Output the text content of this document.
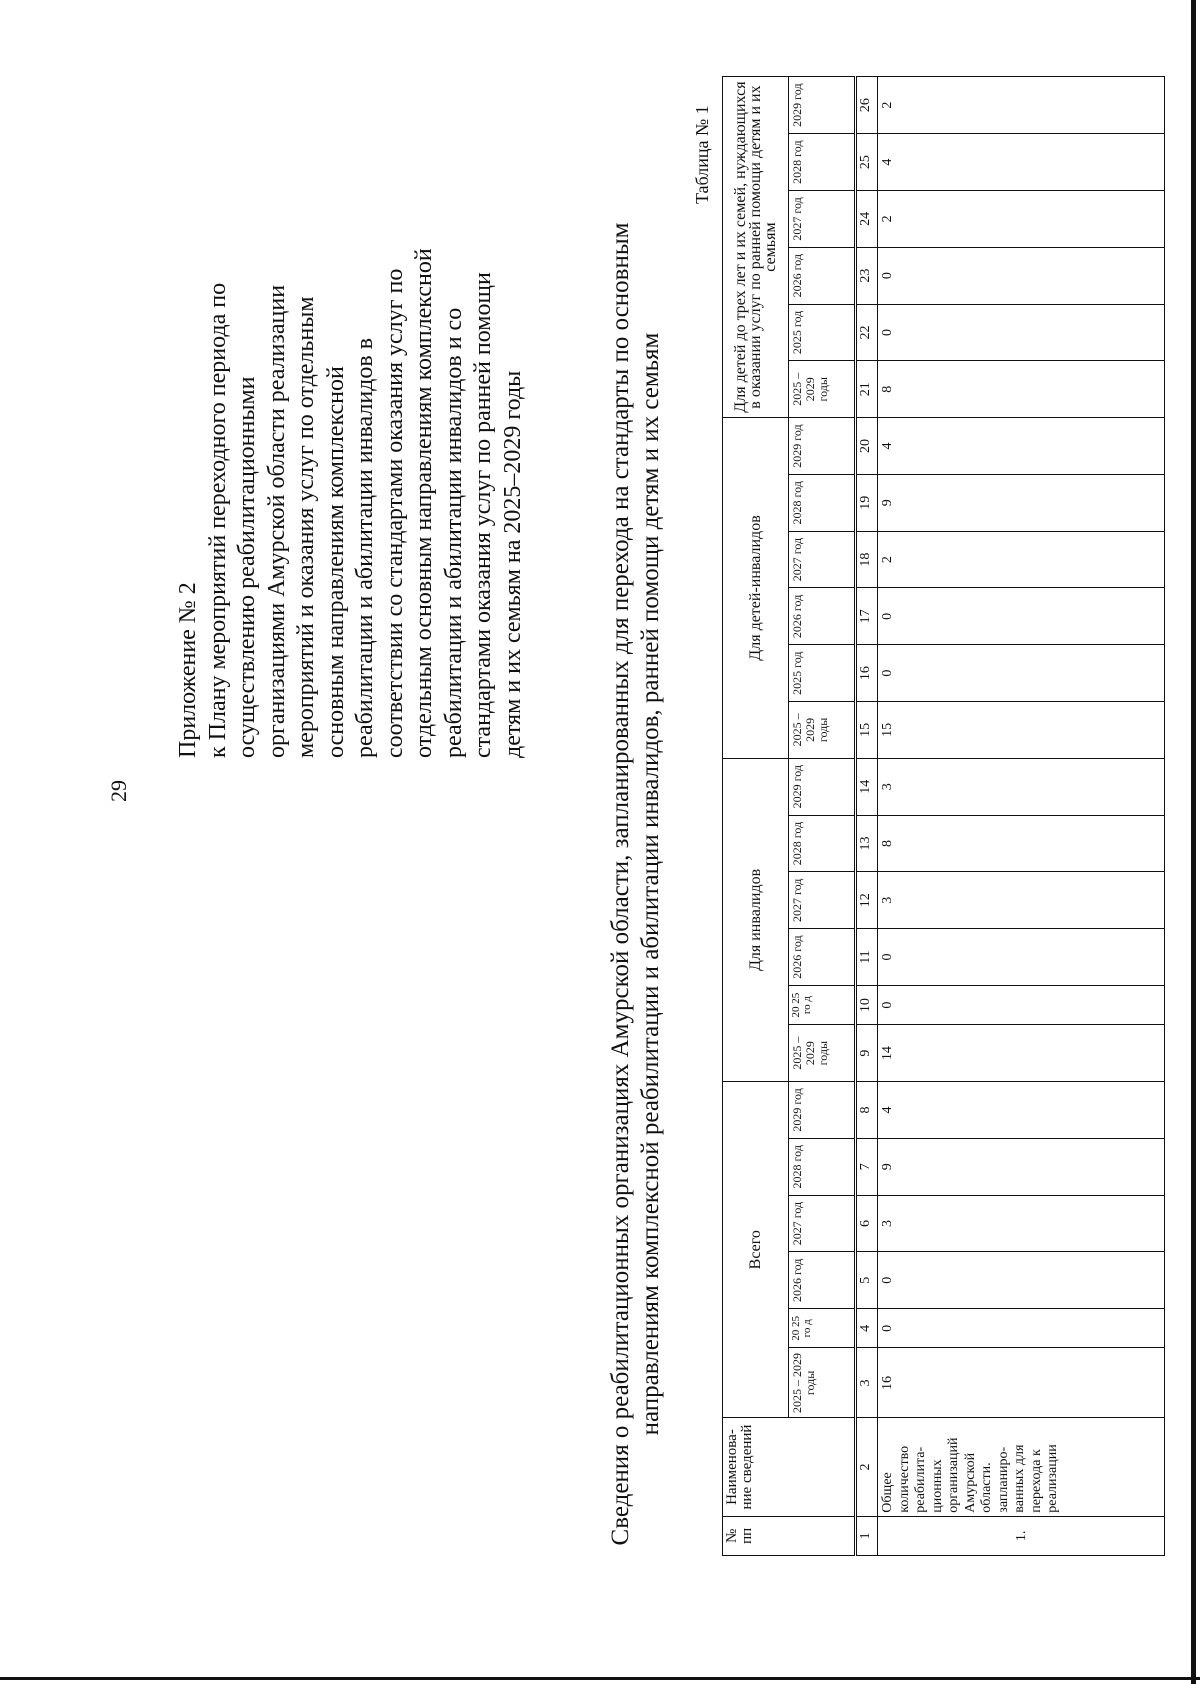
29
Приложение № 2 к Плану мероприятий переходного периода по осуществлению реабилитационными организациями Амурской области реализации мероприятий и оказания услуг по отдельным основным направлениям комплексной реабилитации и абилитации инвалидов в соответствии со стандартами оказания услуг по отдельным основным направлениям комплексной реабилитации и абилитации инвалидов и со стандартами оказания услуг по ранней помощи детям и их семьям на 2025–2029 годы	Сведения о реабилитационных организациях Амурской области, запланированных для перехода на стандарты по основным направлениям комплексной реабилитации и абилитации инвалидов, ранней помощи детям и их семьям
Таблица № 1
№ пп	Наименова-ние сведений	Всего						Для инвалидов						Для детей-инвалидов						Для детей до трех лет и их семей, нуждающихся в оказании услуг по ранней помощи детям и их семьям					
		2025 – 2029 годы	20 25 го д	2026 год	2027 год	2028 год	2029 год	2025 – 2029 годы	20 25 го д	2026 год	2027 год	2028 год	2029 год	2025 – 2029 годы	2025 год	2026 год	2027 год	2028 год	2029 год	2025 – 2029 годы	2025 год	2026 год	2027 год	2028 год	2029 год
1	2	3	4	5	6	7	8	9	10	11	12	13	14	15	16	17	18	19	20	21	22	23	24	25	26
1.	Общее количество реабилита-ционных организаций Амурской области. запланиро-ванных для перехода к реализации	16	0	0	3	9	4	14	0	0	3	8	3	15	0	0	2	9	4	8	0	0	2	4	2
